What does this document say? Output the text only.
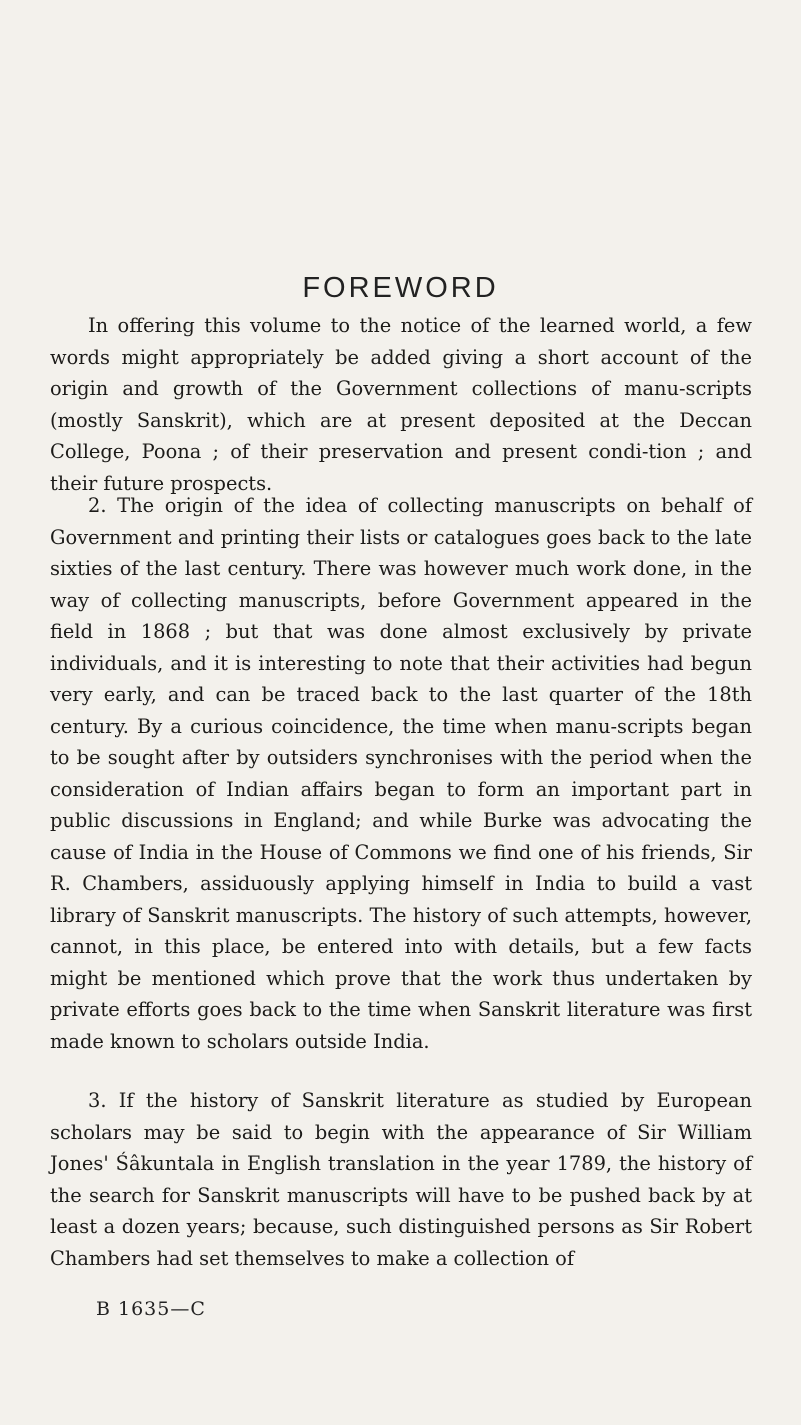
FOREWORD

In offering this volume to the notice of the learned world, a few words might appropriately be added giving a short account of the origin and growth of the Government collections of manu-scripts (mostly Sanskrit), which are at present deposited at the Deccan College, Poona ; of their preservation and present condi-tion ; and their future prospects.

2. The origin of the idea of collecting manuscripts on behalf of Government and printing their lists or catalogues goes back to the late sixties of the last century. There was however much work done, in the way of collecting manuscripts, before Government appeared in the field in 1868 ; but that was done almost exclusively by private individuals, and it is interesting to note that their activities had begun very early, and can be traced back to the last quarter of the 18th century. By a curious coincidence, the time when manu-scripts began to be sought after by outsiders synchronises with the period when the consideration of Indian affairs began to form an important part in public discussions in England; and while Burke was advocating the cause of India in the House of Commons we find one of his friends, Sir R. Chambers, assiduously applying himself in India to build a vast library of Sanskrit manuscripts. The history of such attempts, however, cannot, in this place, be entered into with details, but a few facts might be mentioned which prove that the work thus undertaken by private efforts goes back to the time when Sanskrit literature was first made known to scholars outside India.

3. If the history of Sanskrit literature as studied by European scholars may be said to begin with the appearance of Sir William Jones' Śâkuntala in English translation in the year 1789, the history of the search for Sanskrit manuscripts will have to be pushed back by at least a dozen years; because, such distinguished persons as Sir Robert Chambers had set themselves to make a collection of

B 1635—C
